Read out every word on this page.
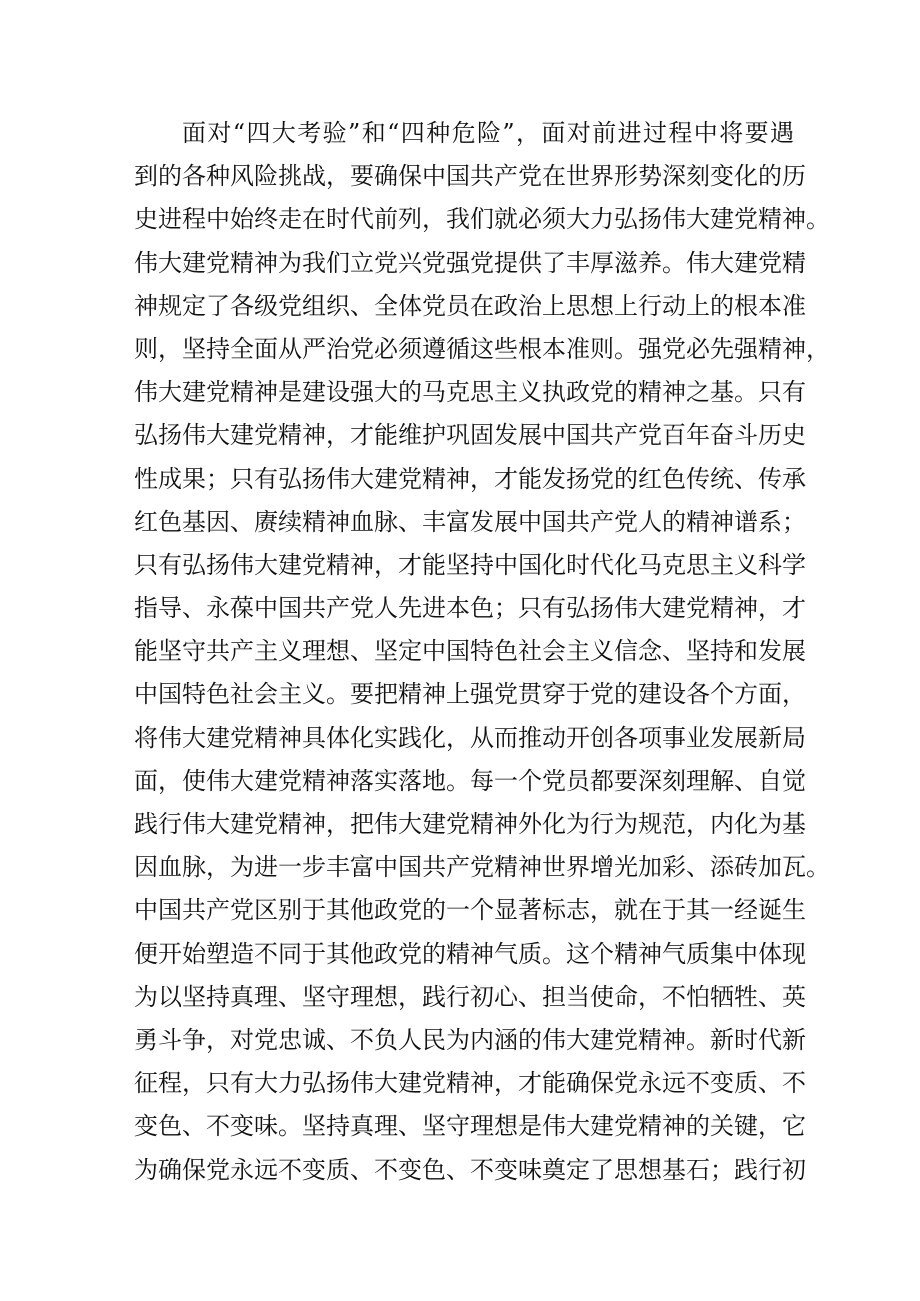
面对“四大考验”和“四种危险”，面对前进过程中将要遇
到的各种风险挑战，要确保中国共产党在世界形势深刻变化的历
史进程中始终走在时代前列，我们就必须大力弘扬伟大建党精神。
伟大建党精神为我们立党兴党强党提供了丰厚滋养。伟大建党精
神规定了各级党组织、全体党员在政治上思想上行动上的根本准
则，坚持全面从严治党必须遵循这些根本准则。强党必先强精神，
伟大建党精神是建设强大的马克思主义执政党的精神之基。只有
弘扬伟大建党精神，才能维护巩固发展中国共产党百年奋斗历史
性成果；只有弘扬伟大建党精神，才能发扬党的红色传统、传承
红色基因、赓续精神血脉、丰富发展中国共产党人的精神谱系；
只有弘扬伟大建党精神，才能坚持中国化时代化马克思主义科学
指导、永葆中国共产党人先进本色；只有弘扬伟大建党精神，才
能坚守共产主义理想、坚定中国特色社会主义信念、坚持和发展
中国特色社会主义。要把精神上强党贯穿于党的建设各个方面，
将伟大建党精神具体化实践化，从而推动开创各项事业发展新局
面，使伟大建党精神落实落地。每一个党员都要深刻理解、自觉
践行伟大建党精神，把伟大建党精神外化为行为规范，内化为基
因血脉，为进一步丰富中国共产党精神世界增光加彩、添砖加瓦。
中国共产党区别于其他政党的一个显著标志，就在于其一经诞生
便开始塑造不同于其他政党的精神气质。这个精神气质集中体现
为以坚持真理、坚守理想，践行初心、担当使命，不怕牺牲、英
勇斗争，对党忠诚、不负人民为内涵的伟大建党精神。新时代新
征程，只有大力弘扬伟大建党精神，才能确保党永远不变质、不
变色、不变味。坚持真理、坚守理想是伟大建党精神的关键，它
为确保党永远不变质、不变色、不变味奠定了思想基石；践行初
